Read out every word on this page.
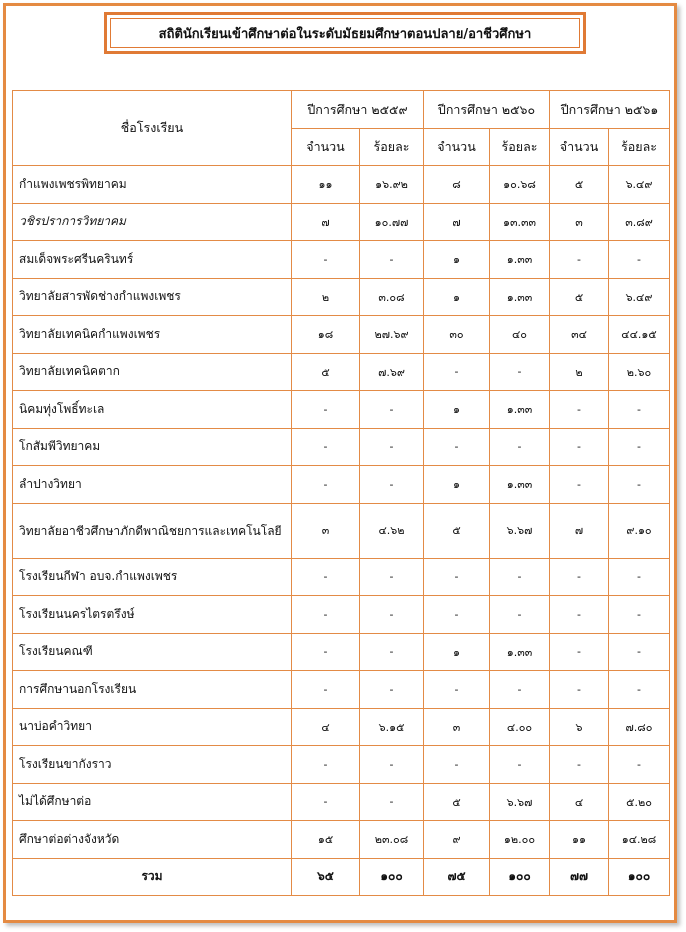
สถิตินักเรียนเข้าศึกษาต่อในระดับมัธยมศึกษาตอนปลาย/อาชีวศึกษา
ชื่อโรงเรียน	ปีการศึกษา ๒๕๕๙		ปีการศึกษา ๒๕๖๐		ปีการศึกษา ๒๕๖๑	
	จำนวน	ร้อยละ	จำนวน	ร้อยละ	จำนวน	ร้อยละ
กำแพงเพชรพิทยาคม	๑๑	๑๖.๙๒	๘	๑๐.๖๘	๕	๖.๔๙
วชิรปราการวิทยาคม	๗	๑๐.๗๗	๗	๑๓.๓๓	๓	๓.๘๙
สมเด็จพระศรีนครินทร์	-	-	๑	๑.๓๓	-	-
วิทยาลัยสารพัดช่างกำแพงเพชร	๒	๓.๐๘	๑	๑.๓๓	๕	๖.๔๙
วิทยาลัยเทคนิคกำแพงเพชร	๑๘	๒๗.๖๙	๓๐	๔๐	๓๔	๔๔.๑๕
วิทยาลัยเทคนิคตาก	๕	๗.๖๙	-	-	๒	๒.๖๐
นิคมทุ่งโพธิ์ทะเล	-	-	๑	๑.๓๓	-	-
โกสัมพีวิทยาคม	-	-	-	-	-	-
ลำปางวิทยา	-	-	๑	๑.๓๓	-	-
วิทยาลัยอาชีวศึกษาภักดีพาณิชยการและเทคโนโลยี	๓	๔.๖๒	๕	๖.๖๗	๗	๙.๑๐
โรงเรียนกีฬา อบจ.กำแพงเพชร	-	-	-	-	-	-
โรงเรียนนครไตรตรึงษ์	-	-	-	-	-	-
โรงเรียนคณฑี	-	-	๑	๑.๓๓	-	-
การศึกษานอกโรงเรียน	-	-	-	-	-	-
นาบ่อคำวิทยา	๔	๖.๑๕	๓	๔.๐๐	๖	๗.๘๐
โรงเรียนขากังราว	-	-	-	-	-	-
ไม่ได้ศึกษาต่อ	-	-	๕	๖.๖๗	๔	๕.๒๐
ศึกษาต่อต่างจังหวัด	๑๕	๒๓.๐๘	๙	๑๒.๐๐	๑๑	๑๔.๒๘
รวม	๖๕	๑๐๐	๗๕	๑๐๐	๗๗	๑๐๐
